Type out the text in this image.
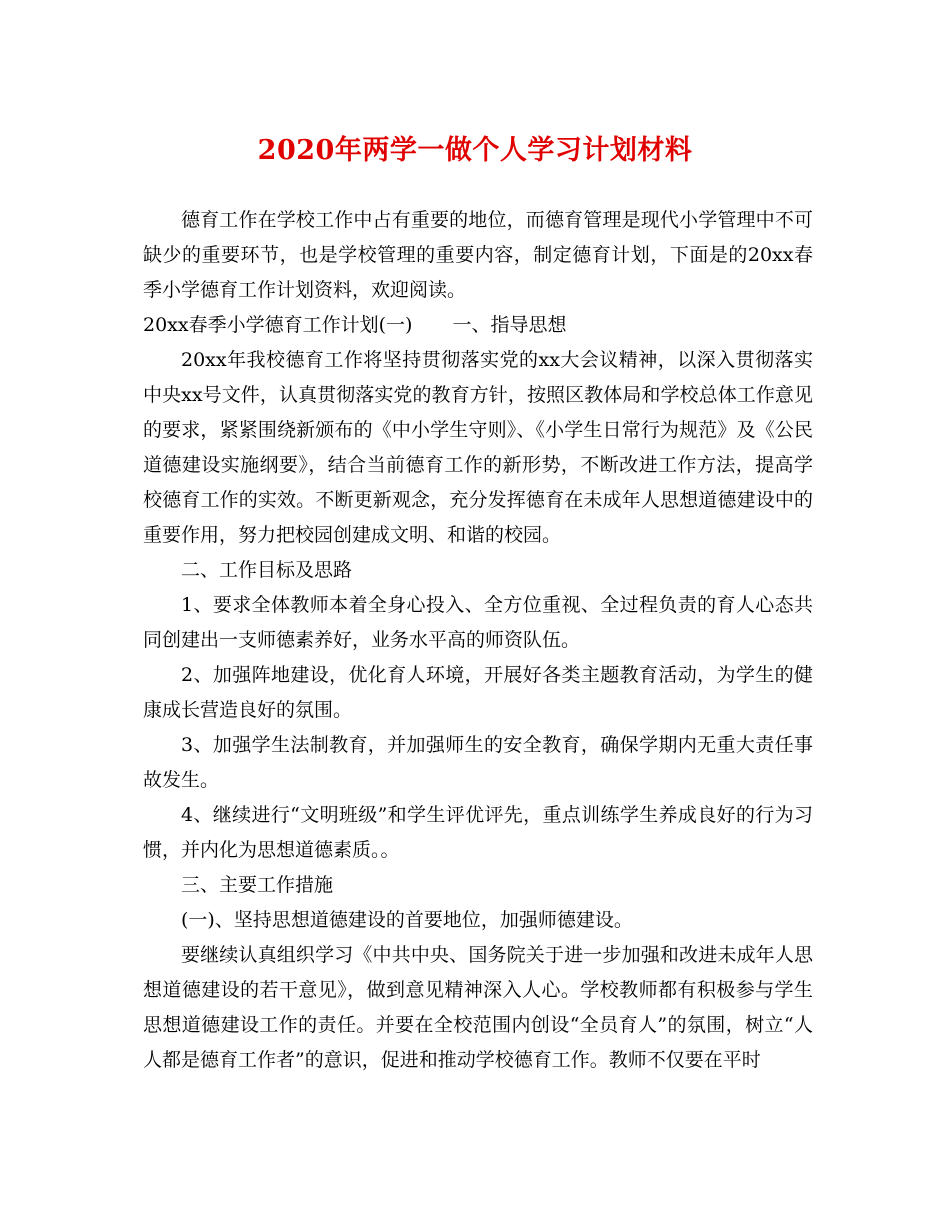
2020年两学一做个人学习计划材料

德育工作在学校工作中占有重要的地位，而德育管理是现代小学管理中不可缺少的重要环节，也是学校管理的重要内容，制定德育计划，下面是的20xx春季小学德育工作计划资料，欢迎阅读。

20xx春季小学德育工作计划(一) 一、指导思想

20xx年我校德育工作将坚持贯彻落实党的xx大会议精神，以深入贯彻落实中央xx号文件，认真贯彻落实党的教育方针，按照区教体局和学校总体工作意见的要求，紧紧围绕新颁布的《中小学生守则》、《小学生日常行为规范》及《公民道德建设实施纲要》，结合当前德育工作的新形势，不断改进工作方法，提高学校德育工作的实效。不断更新观念，充分发挥德育在未成年人思想道德建设中的重要作用，努力把校园创建成文明、和谐的校园。

二、工作目标及思路

1、要求全体教师本着全身心投入、全方位重视、全过程负责的育人心态共同创建出一支师德素养好，业务水平高的师资队伍。

2、加强阵地建设，优化育人环境，开展好各类主题教育活动，为学生的健康成长营造良好的氛围。

3、加强学生法制教育，并加强师生的安全教育，确保学期内无重大责任事故发生。

4、继续进行“文明班级”和学生评优评先，重点训练学生养成良好的行为习惯，并内化为思想道德素质。。

三、主要工作措施

(一)、坚持思想道德建设的首要地位，加强师德建设。

要继续认真组织学习《中共中央、国务院关于进一步加强和改进未成年人思想道德建设的若干意见》，做到意见精神深入人心。学校教师都有积极参与学生思想道德建设工作的责任。并要在全校范围内创设“全员育人”的氛围，树立“人人都是德育工作者”的意识，促进和推动学校德育工作。教师不仅要在平时
